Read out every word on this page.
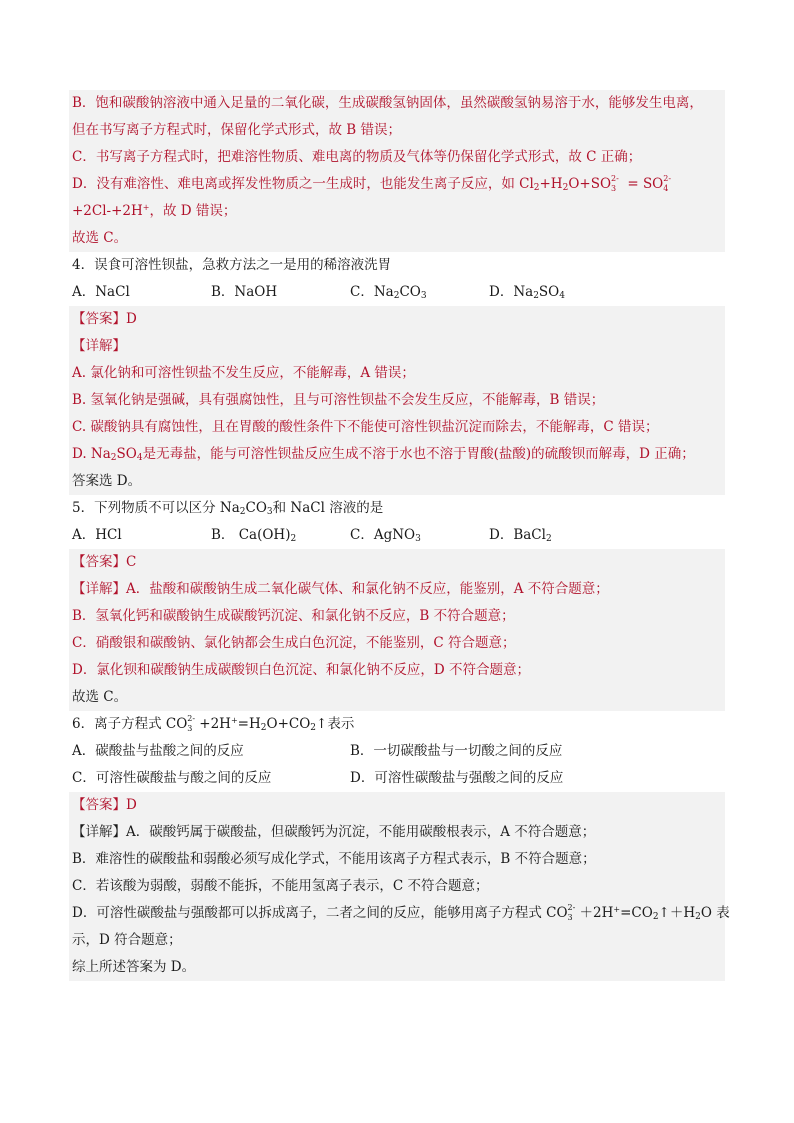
B．饱和碳酸钠溶液中通入足量的二氧化碳，生成碳酸氢钠固体，虽然碳酸氢钠易溶于水，能够发生电离，
但在书写离子方程式时，保留化学式形式，故 B 错误；
C．书写离子方程式时，把难溶性物质、难电离的物质及气体等仍保留化学式形式，故 C 正确；
D．没有难溶性、难电离或挥发性物质之一生成时，也能发生离子反应，如 $Cl_2+H_2O+SO$ 2-
3 = SO 2-
4
+2Cl-+2H+，故 D 错误；
故选 C。
4．误食可溶性钡盐，急救方法之一是用的稀溶液洗胃
A．NaCl	B．NaOH	C．$Na_2CO_3$	D．$Na_2SO_4$
【答案】D
【详解】
A. 氯化钠和可溶性钡盐不发生反应，不能解毒，A 错误；
B. 氢氧化钠是强碱，具有强腐蚀性，且与可溶性钡盐不会发生反应，不能解毒，B 错误；
C. 碳酸钠具有腐蚀性，且在胃酸的酸性条件下不能使可溶性钡盐沉淀而除去，不能解毒，C 错误；
D. $Na_2SO_4$是无毒盐，能与可溶性钡盐反应生成不溶于水也不溶于胃酸(盐酸)的硫酸钡而解毒，D 正确；
答案选 D。
5．下列物质不可以区分 $Na_2CO_3$和 NaCl 溶液的是
A．HCl	B． $Ca(OH)_2$	C．AgNO$_3$	D．BaCl$_2$
【答案】C
【详解】A．盐酸和碳酸钠生成二氧化碳气体、和氯化钠不反应，能鉴别，A 不符合题意；
B．氢氧化钙和碳酸钠生成碳酸钙沉淀、和氯化钠不反应，B 不符合题意；
C．硝酸银和碳酸钠、氯化钠都会生成白色沉淀，不能鉴别，C 符合题意；
D．氯化钡和碳酸钠生成碳酸钡白色沉淀、和氯化钠不反应，D 不符合题意；
故选 C。
6．离子方程式 CO 2-
$3 +2H^+=H_2O+CO_2↑$表示
A．碳酸盐与盐酸之间的反应	B．一切碳酸盐与一切酸之间的反应
C．可溶性碳酸盐与酸之间的反应	D．可溶性碳酸盐与强酸之间的反应
【答案】D
【详解】A．碳酸钙属于碳酸盐，但碳酸钙为沉淀，不能用碳酸根表示，A 不符合题意；
B．难溶性的碳酸盐和弱酸必须写成化学式，不能用该离子方程式表示，B 不符合题意；
C．若该酸为弱酸，弱酸不能拆，不能用氢离子表示，C 不符合题意；
D．可溶性碳酸盐与强酸都可以拆成离子，二者之间的反应，能够用离子方程式 CO 2-
$3 +2H^+=CO_2↑+H_2O$ 表
示，D 符合题意；
综上所述答案为 D。
